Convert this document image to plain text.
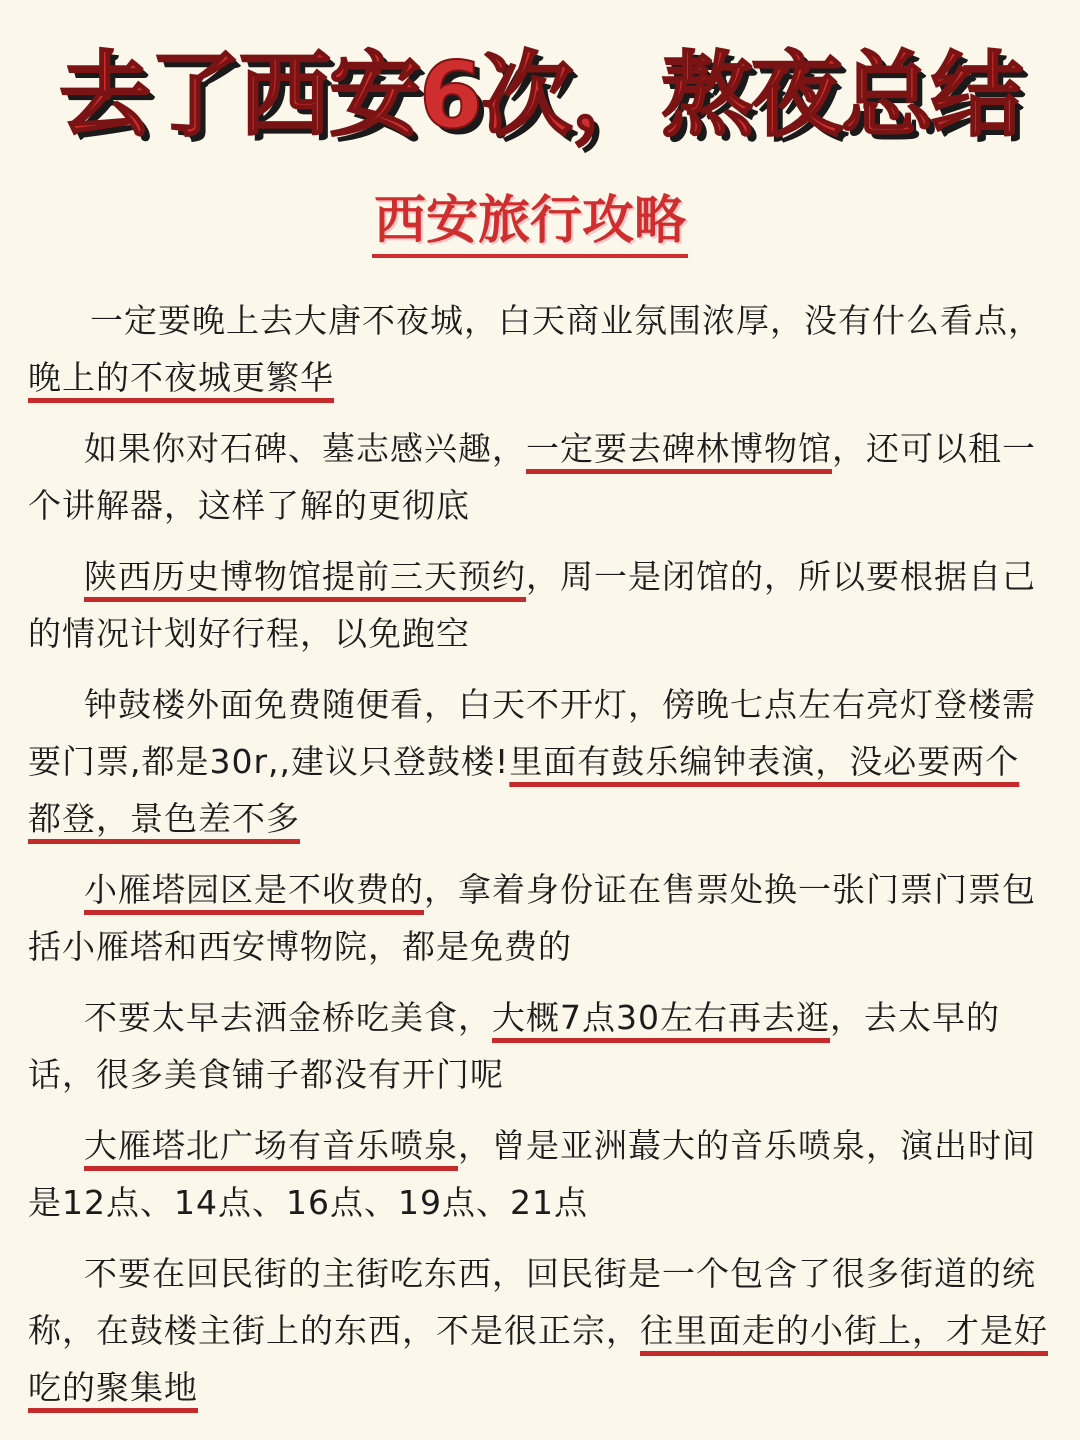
去了西安6次，熬夜总结
西安旅行攻略

一定要晚上去大唐不夜城，白天商业氛围浓厚，没有什么看点，晚上的不夜城更繁华

如果你对石碑、墓志感兴趣，一定要去碑林博物馆，还可以租一个讲解器，这样了解的更彻底

陕西历史博物馆提前三天预约，周一是闭馆的，所以要根据自己的情况计划好行程，以免跑空

钟鼓楼外面免费随便看，白天不开灯，傍晚七点左右亮灯登楼需要门票,都是30r,,建议只登鼓楼!里面有鼓乐编钟表演，没必要两个都登，景色差不多

小雁塔园区是不收费的，拿着身份证在售票处换一张门票门票包括小雁塔和西安博物院，都是免费的

不要太早去洒金桥吃美食，大概7点30左右再去逛，去太早的话，很多美食铺子都没有开门呢

大雁塔北广场有音乐喷泉，曾是亚洲蕞大的音乐喷泉，演出时间是12点、14点、16点、19点、21点

不要在回民街的主街吃东西，回民街是一个包含了很多街道的统称，在鼓楼主街上的东西，不是很正宗，往里面走的小街上，才是好吃的聚集地
